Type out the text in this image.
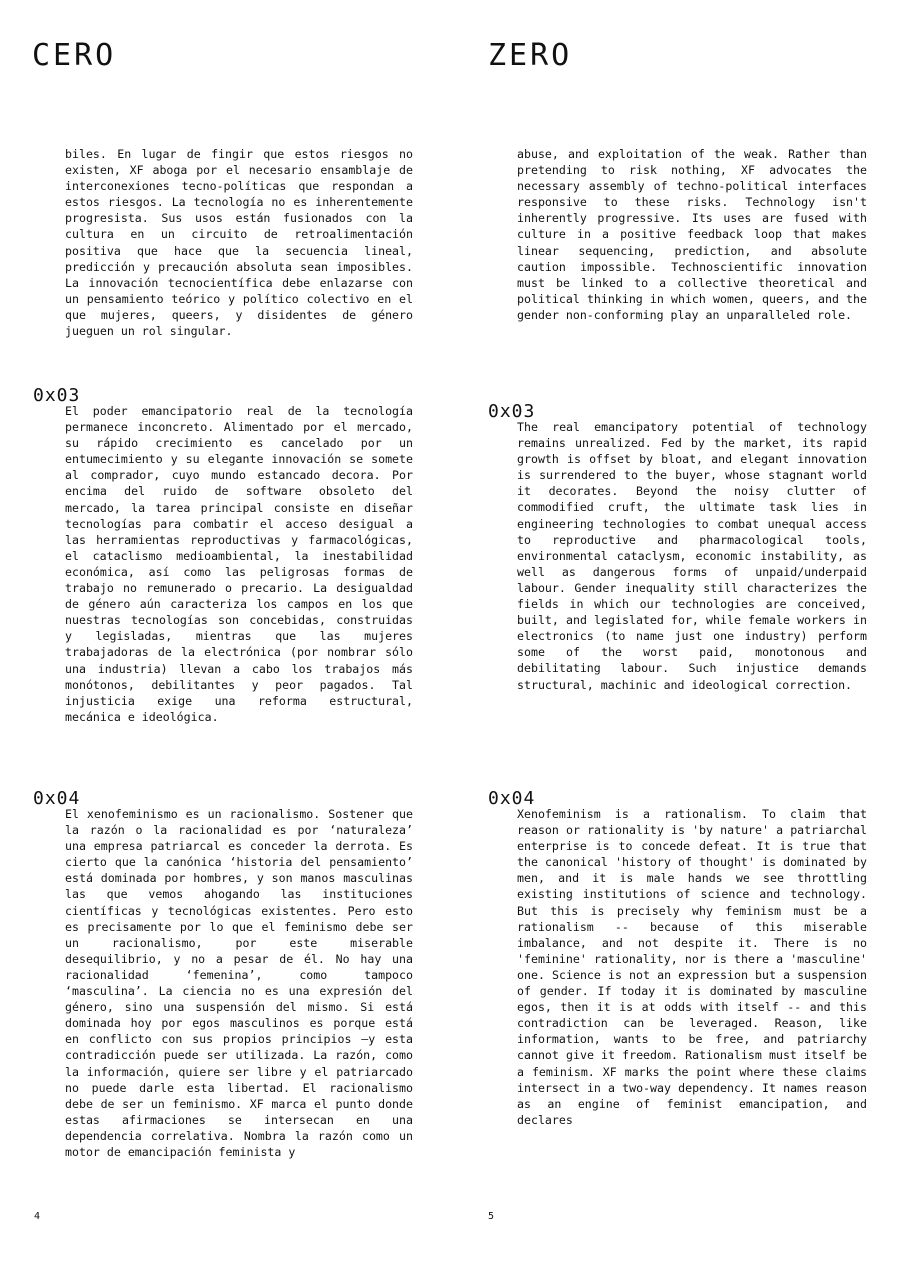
CERO

biles. En lugar de fingir que estos riesgos no existen, XF aboga por el necesario ensamblaje de interconexiones tecno-políticas que respondan a estos riesgos. La tecnología no es inherentemente progresista. Sus usos están fusionados con la cultura en un circuito de retroalimentación positiva que hace que la secuencia lineal, predicción y precaución absoluta sean imposibles. La innovación tecnocientífica debe enlazarse con un pensamiento teórico y político colectivo en el que mujeres, queers, y disidentes de género jueguen un rol singular.

0x03

El poder emancipatorio real de la tecnología permanece inconcreto. Alimentado por el mercado, su rápido crecimiento es cancelado por un entumecimiento y su elegante innovación se somete al comprador, cuyo mundo estancado decora. Por encima del ruido de software obsoleto del mercado, la tarea principal consiste en diseñar tecnologías para combatir el acceso desigual a las herramientas reproductivas y farmacológicas, el cataclismo medioambiental, la inestabilidad económica, así como las peligrosas formas de trabajo no remunerado o precario. La desigualdad de género aún caracteriza los campos en los que nuestras tecnologías son concebidas, construidas y legisladas, mientras que las mujeres trabajadoras de la electrónica (por nombrar sólo una industria) llevan a cabo los trabajos más monótonos, debilitantes y peor pagados. Tal injusticia exige una reforma estructural, mecánica e ideológica.

0x04

El xenofeminismo es un racionalismo. Sostener que la razón o la racionalidad es por ‘naturaleza’ una empresa patriarcal es conceder la derrota. Es cierto que la canónica ‘historia del pensamiento’ está dominada por hombres, y son manos masculinas las que vemos ahogando las instituciones científicas y tecnológicas existentes. Pero esto es precisamente por lo que el feminismo debe ser un racionalismo, por este miserable desequilibrio, y no a pesar de él. No hay una racionalidad ‘femenina’, como tampoco ‘masculina’. La ciencia no es una expresión del género, sino una suspensión del mismo. Si está dominada hoy por egos masculinos es porque está en conflicto con sus propios principios —y esta contradicción puede ser utilizada. La razón, como la información, quiere ser libre y el patriarcado no puede darle esta libertad. El racionalismo debe de ser un feminismo. XF marca el punto donde estas afirmaciones se intersecan en una dependencia correlativa. Nombra la razón como un motor de emancipación feminista y

4

ZERO

abuse, and exploitation of the weak. Rather than pretending to risk nothing, XF advocates the necessary assembly of techno-political interfaces responsive to these risks. Technology isn't inherently progressive. Its uses are fused with culture in a positive feedback loop that makes linear sequencing, prediction, and absolute caution impossible. Technoscientific innovation must be linked to a collective theoretical and political thinking in which women, queers, and the gender non-conforming play an unparalleled role.

0x03

The real emancipatory potential of technology remains unrealized. Fed by the market, its rapid growth is offset by bloat, and elegant innovation is surrendered to the buyer, whose stagnant world it decorates. Beyond the noisy clutter of commodified cruft, the ultimate task lies in engineering technologies to combat unequal access to reproductive and pharmacological tools, environmental cataclysm, economic instability, as well as dangerous forms of unpaid/underpaid labour. Gender inequality still characterizes the fields in which our technologies are conceived, built, and legislated for, while female workers in electronics (to name just one industry) perform some of the worst paid, monotonous and debilitating labour. Such injustice demands structural, machinic and ideological correction.

0x04

Xenofeminism is a rationalism. To claim that reason or rationality is 'by nature' a patriarchal enterprise is to concede defeat. It is true that the canonical 'history of thought' is dominated by men, and it is male hands we see throttling existing institutions of science and technology. But this is precisely why feminism must be a rationalism -- because of this miserable imbalance, and not despite it. There is no 'feminine' rationality, nor is there a 'masculine' one. Science is not an expression but a suspension of gender. If today it is dominated by masculine egos, then it is at odds with itself -- and this contradiction can be leveraged. Reason, like information, wants to be free, and patriarchy cannot give it freedom. Rationalism must itself be a feminism. XF marks the point where these claims intersect in a two-way dependency. It names reason as an engine of feminist emancipation, and declares

5
